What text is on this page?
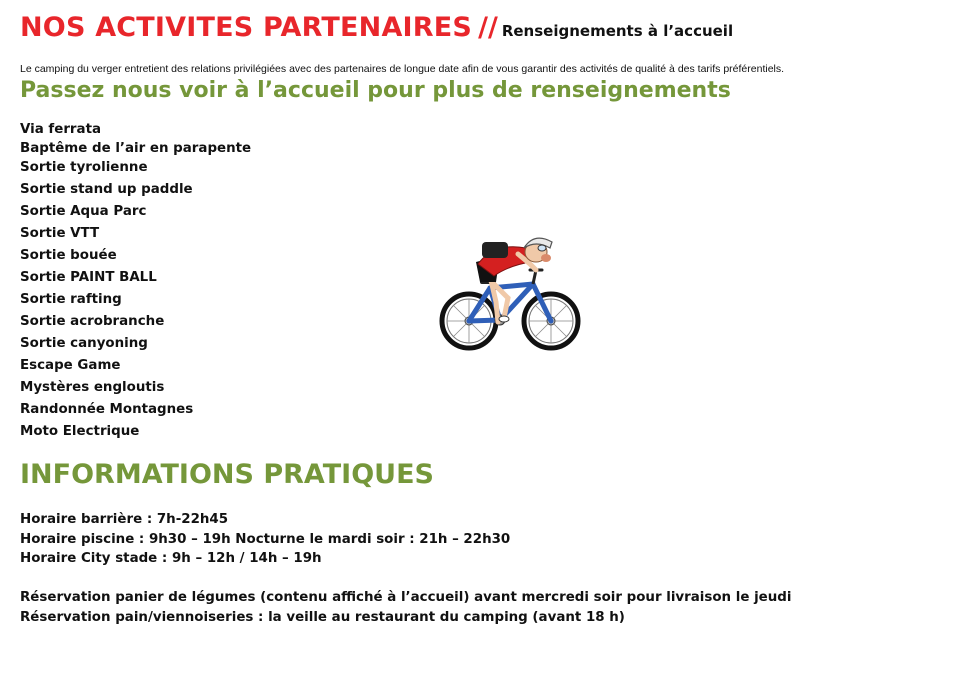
NOS ACTIVITES PARTENAIRES // Renseignements à l’accueil
Le camping du verger entretient des relations privilégiées avec des partenaires de longue date afin de vous garantir des activités de qualité à des tarifs préférentiels.
Passez nous voir à l’accueil pour plus de renseignements
Via ferrata
Baptême de l’air en parapente
Sortie tyrolienne
Sortie stand up paddle
Sortie Aqua Parc
Sortie VTT
Sortie bouée
Sortie PAINT BALL
Sortie rafting
Sortie acrobranche
Sortie canyoning
Escape Game
Mystères engloutis
Randonnée Montagnes
Moto Electrique
INFORMATIONS PRATIQUES
Horaire barrière : 7h-22h45
Horaire piscine : 9h30 – 19h Nocturne le mardi soir : 21h – 22h30
Horaire City stade : 9h – 12h / 14h – 19h
Réservation panier de légumes (contenu affiché à l’accueil) avant mercredi soir pour livraison le jeudi
Réservation pain/viennoiseries : la veille au restaurant du camping (avant 18 h)
